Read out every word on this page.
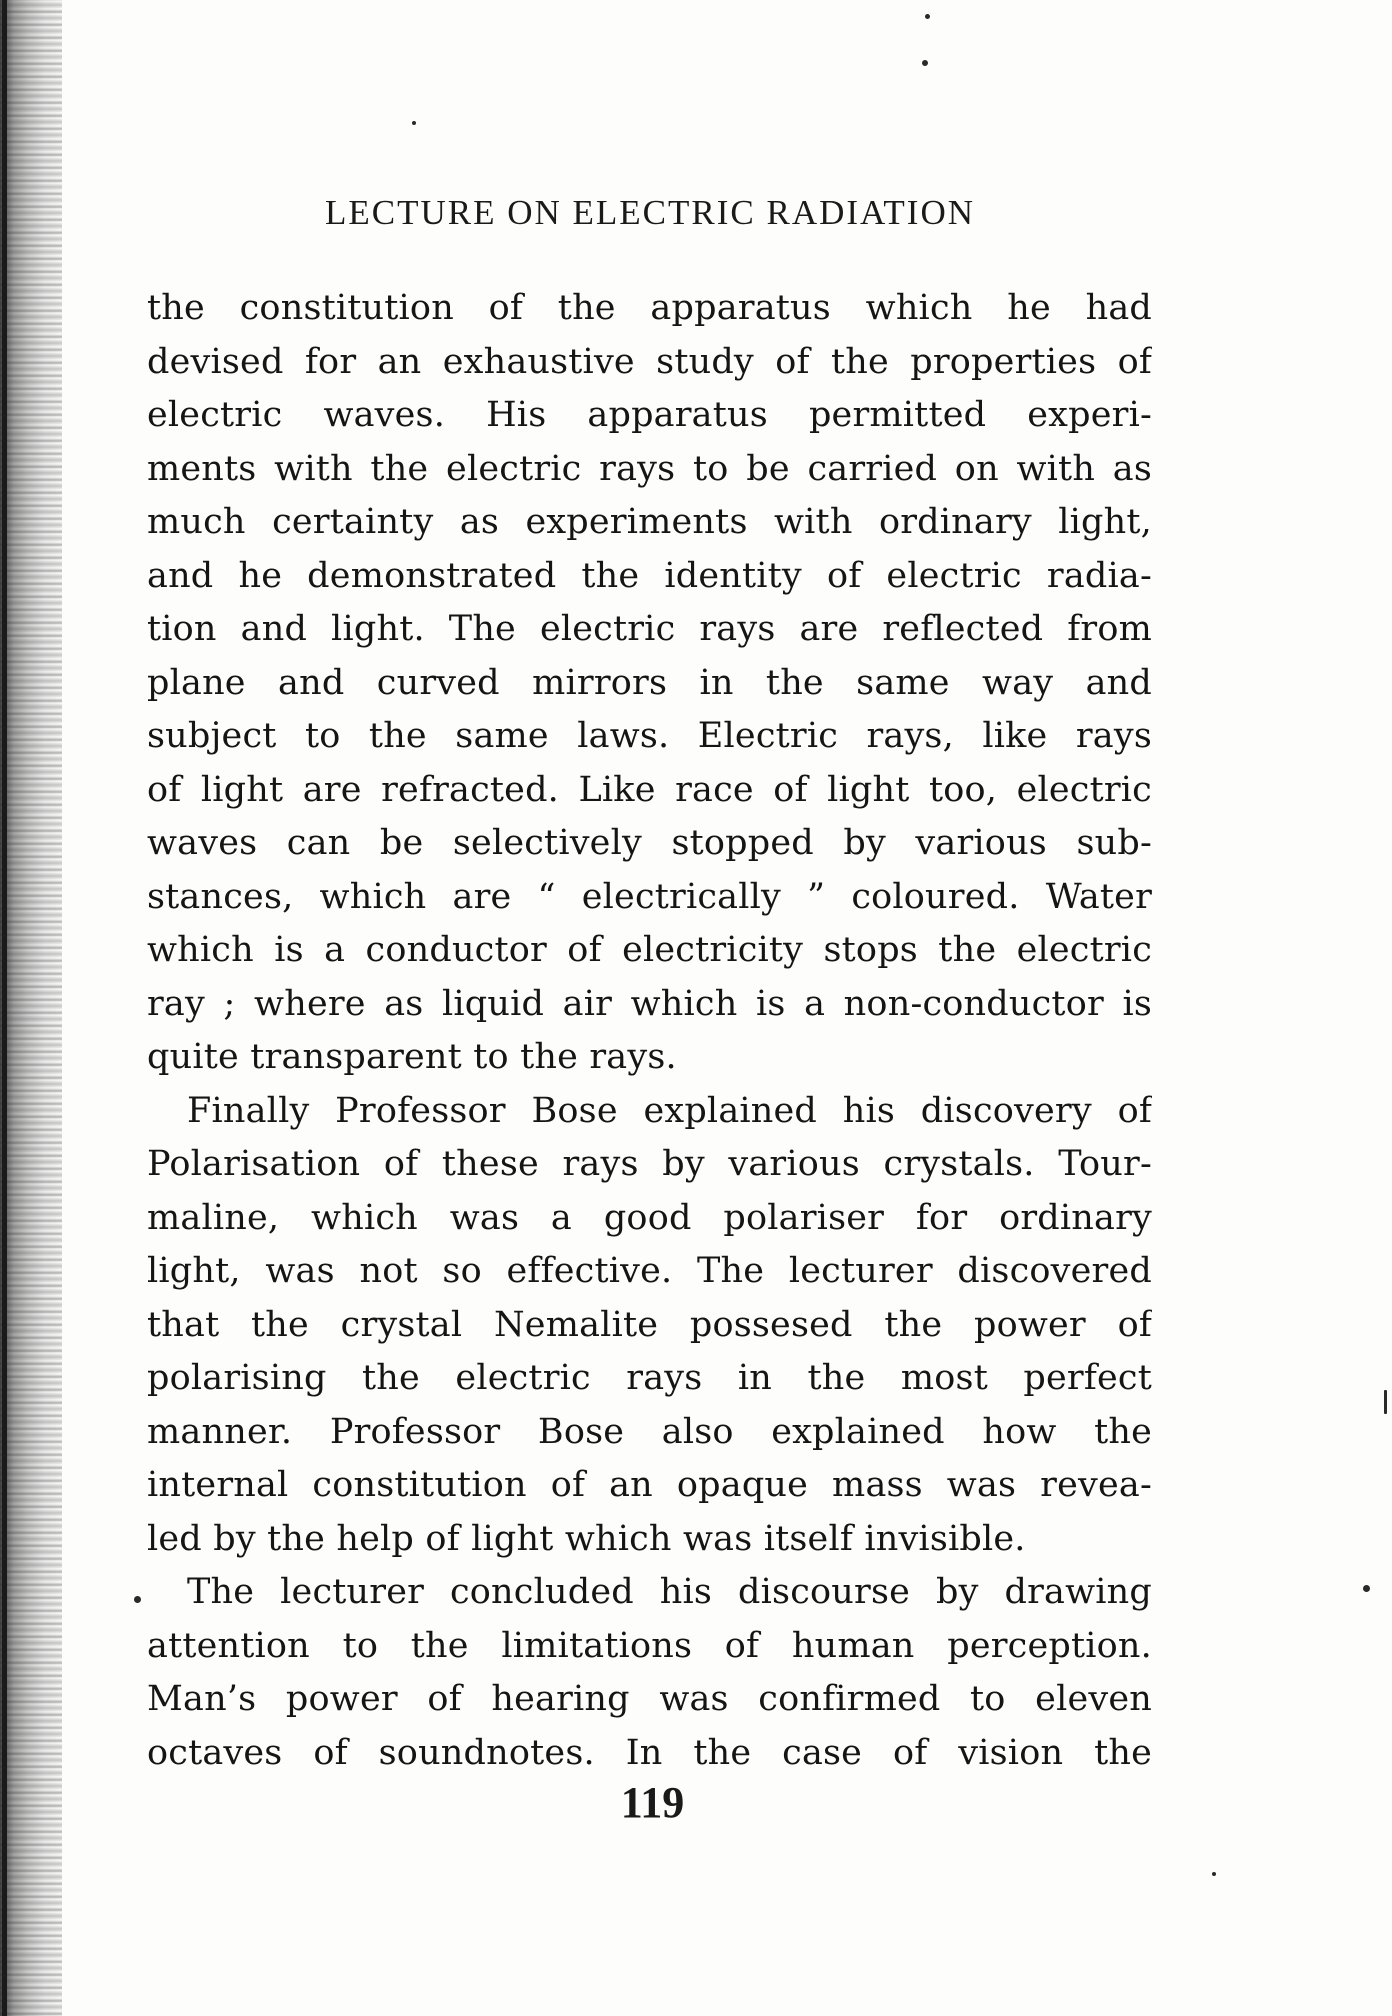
LECTURE ON ELECTRIC RADIATION
the constitution of the apparatus which he had
devised for an exhaustive study of the properties of
electric waves. His apparatus permitted experi-
ments with the electric rays to be carried on with as
much certainty as experiments with ordinary light,
and he demonstrated the identity of electric radia-
tion and light. The electric rays are reflected from
plane and curved mirrors in the same way and
subject to the same laws. Electric rays, like rays
of light are refracted. Like race of light too, electric
waves can be selectively stopped by various sub-
stances, which are “ electrically ” coloured. Water
which is a conductor of electricity stops the electric
ray ; where as liquid air which is a non-conductor is
quite transparent to the rays.
Finally Professor Bose explained his discovery of
Polarisation of these rays by various crystals. Tour-
maline, which was a good polariser for ordinary
light, was not so effective. The lecturer discovered
that the crystal Nemalite possesed the power of
polarising the electric rays in the most perfect
manner. Professor Bose also explained how the
internal constitution of an opaque mass was revea-
led by the help of light which was itself invisible.
The lecturer concluded his discourse by drawing
attention to the limitations of human perception.
Man’s power of hearing was confirmed to eleven
octaves of soundnotes. In the case of vision the
119
